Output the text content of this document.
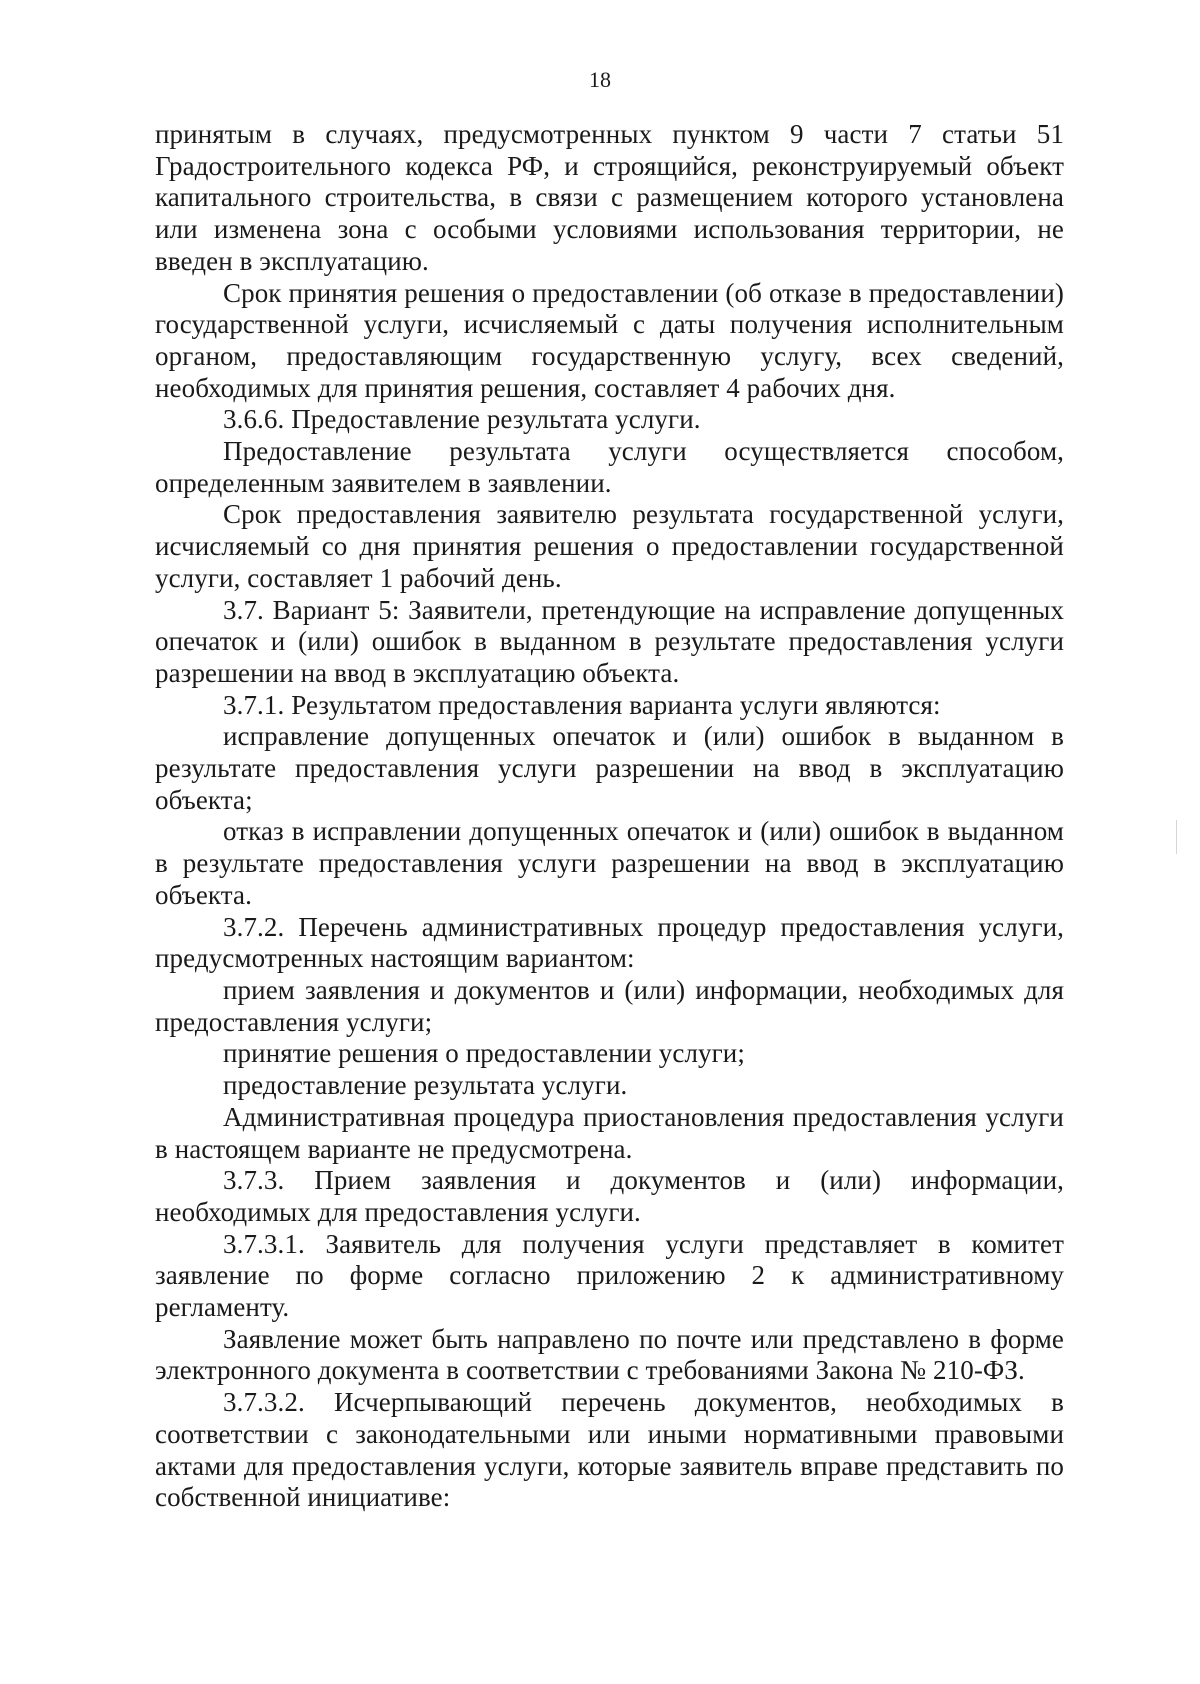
18

принятым в случаях, предусмотренных пунктом 9 части 7 статьи 51 Градостроительного кодекса РФ, и строящийся, реконструируемый объект капитального строительства, в связи с размещением которого установлена или изменена зона с особыми условиями использования территории, не введен в эксплуатацию.

Срок принятия решения о предоставлении (об отказе в предоставлении) государственной услуги, исчисляемый с даты получения исполнительным органом, предоставляющим государственную услугу, всех сведений, необходимых для принятия решения, составляет 4 рабочих дня.

3.6.6. Предоставление результата услуги.

Предоставление результата услуги осуществляется способом, определенным заявителем в заявлении.

Срок предоставления заявителю результата государственной услуги, исчисляемый со дня принятия решения о предоставлении государственной услуги, составляет 1 рабочий день.

3.7. Вариант 5: Заявители, претендующие на исправление допущенных опечаток и (или) ошибок в выданном в результате предоставления услуги разрешении на ввод в эксплуатацию объекта.

3.7.1. Результатом предоставления варианта услуги являются:

исправление допущенных опечаток и (или) ошибок в выданном в результате предоставления услуги разрешении на ввод в эксплуатацию объекта;

отказ в исправлении допущенных опечаток и (или) ошибок в выданном в результате предоставления услуги разрешении на ввод в эксплуатацию объекта.

3.7.2. Перечень административных процедур предоставления услуги, предусмотренных настоящим вариантом:

прием заявления и документов и (или) информации, необходимых для предоставления услуги;

принятие решения о предоставлении услуги;

предоставление результата услуги.

Административная процедура приостановления предоставления услуги в настоящем варианте не предусмотрена.

3.7.3. Прием заявления и документов и (или) информации, необходимых для предоставления услуги.

3.7.3.1. Заявитель для получения услуги представляет в комитет заявление по форме согласно приложению 2 к административному регламенту.

Заявление может быть направлено по почте или представлено в форме электронного документа в соответствии с требованиями Закона № 210-ФЗ.

3.7.3.2. Исчерпывающий перечень документов, необходимых в соответствии с законодательными или иными нормативными правовыми актами для предоставления услуги, которые заявитель вправе представить по собственной инициативе:
